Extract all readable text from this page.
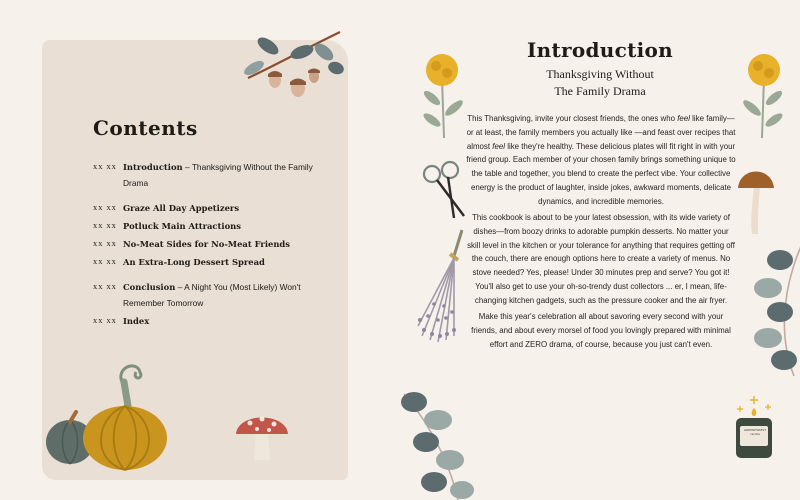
Contents
xx xx Introduction – Thanksgiving Without the Family Drama
xx xx Graze All Day Appetizers
xx xx Potluck Main Attractions
xx xx No-Meat Sides for No-Meat Friends
xx xx An Extra-Long Dessert Spread
xx xx Conclusion – A Night You (Most Likely) Won't Remember Tomorrow
xx xx Index
GREENFOREST
candle
Introduction
Thanksgiving Without
The Family Drama

This Thanksgiving, invite your closest friends, the ones who feel like family—or at least, the family members you actually like —and feast over recipes that almost feel like they're healthy. These delicious plates will fit right in with your friend group. Each member of your chosen family brings something unique to the table and together, you blend to create the perfect vibe. Your collective energy is the product of laughter, inside jokes, awkward moments, delicate dynamics, and incredible memories.

This cookbook is about to be your latest obsession, with its wide variety of dishes—from boozy drinks to adorable pumpkin desserts. No matter your skill level in the kitchen or your tolerance for anything that requires getting off the couch, there are enough options here to create a variety of menus. No stove needed? Yes, please! Under 30 minutes prep and serve? You got it! You'll also get to use your oh-so-trendy dust collectors ... er, I mean, life-changing kitchen gadgets, such as the pressure cooker and the air fryer.

Make this year's celebration all about savoring every second with your friends, and about every morsel of food you lovingly prepared with minimal effort and ZERO drama, of course, because you just can't even.
